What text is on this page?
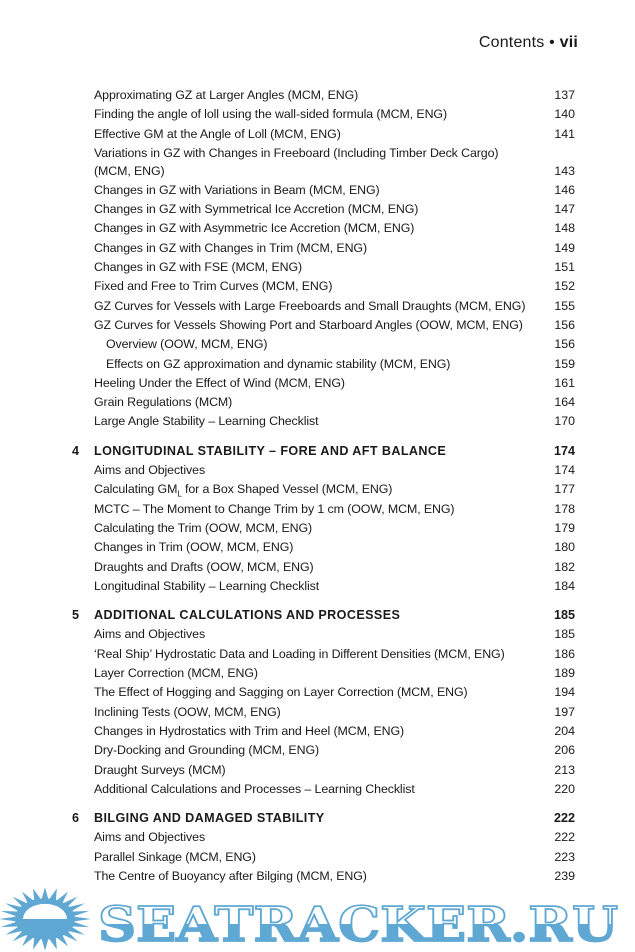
Contents • vii
Approximating GZ at Larger Angles (MCM, ENG)	137
Finding the angle of loll using the wall-sided formula (MCM, ENG)	140
Effective GM at the Angle of Loll (MCM, ENG)	141
Variations in GZ with Changes in Freeboard (Including Timber Deck Cargo) (MCM, ENG)	143
Changes in GZ with Variations in Beam (MCM, ENG)	146
Changes in GZ with Symmetrical Ice Accretion (MCM, ENG)	147
Changes in GZ with Asymmetric Ice Accretion (MCM, ENG)	148
Changes in GZ with Changes in Trim (MCM, ENG)	149
Changes in GZ with FSE (MCM, ENG)	151
Fixed and Free to Trim Curves (MCM, ENG)	152
GZ Curves for Vessels with Large Freeboards and Small Draughts (MCM, ENG)	155
GZ Curves for Vessels Showing Port and Starboard Angles (OOW, MCM, ENG)	156
Overview (OOW, MCM, ENG)	156
Effects on GZ approximation and dynamic stability (MCM, ENG)	159
Heeling Under the Effect of Wind (MCM, ENG)	161
Grain Regulations (MCM)	164
Large Angle Stability – Learning Checklist	170
4 LONGITUDINAL STABILITY – FORE AND AFT BALANCE	174
Aims and Objectives	174
Calculating $GM_L$ for a Box Shaped Vessel (MCM, ENG)	177
MCTC – The Moment to Change Trim by 1 cm (OOW, MCM, ENG)	178
Calculating the Trim (OOW, MCM, ENG)	179
Changes in Trim (OOW, MCM, ENG)	180
Draughts and Drafts (OOW, MCM, ENG)	182
Longitudinal Stability – Learning Checklist	184
5 ADDITIONAL CALCULATIONS AND PROCESSES	185
Aims and Objectives	185
‘Real Ship’ Hydrostatic Data and Loading in Different Densities (MCM, ENG)	186
Layer Correction (MCM, ENG)	189
The Effect of Hogging and Sagging on Layer Correction (MCM, ENG)	194
Inclining Tests (OOW, MCM, ENG)	197
Changes in Hydrostatics with Trim and Heel (MCM, ENG)	204
Dry-Docking and Grounding (MCM, ENG)	206
Draught Surveys (MCM)	213
Additional Calculations and Processes – Learning Checklist	220
6 BILGING AND DAMAGED STABILITY	222
Aims and Objectives	222
Parallel Sinkage (MCM, ENG)	223
The Centre of Buoyancy after Bilging (MCM, ENG)	239
SEATRACKER.RU
